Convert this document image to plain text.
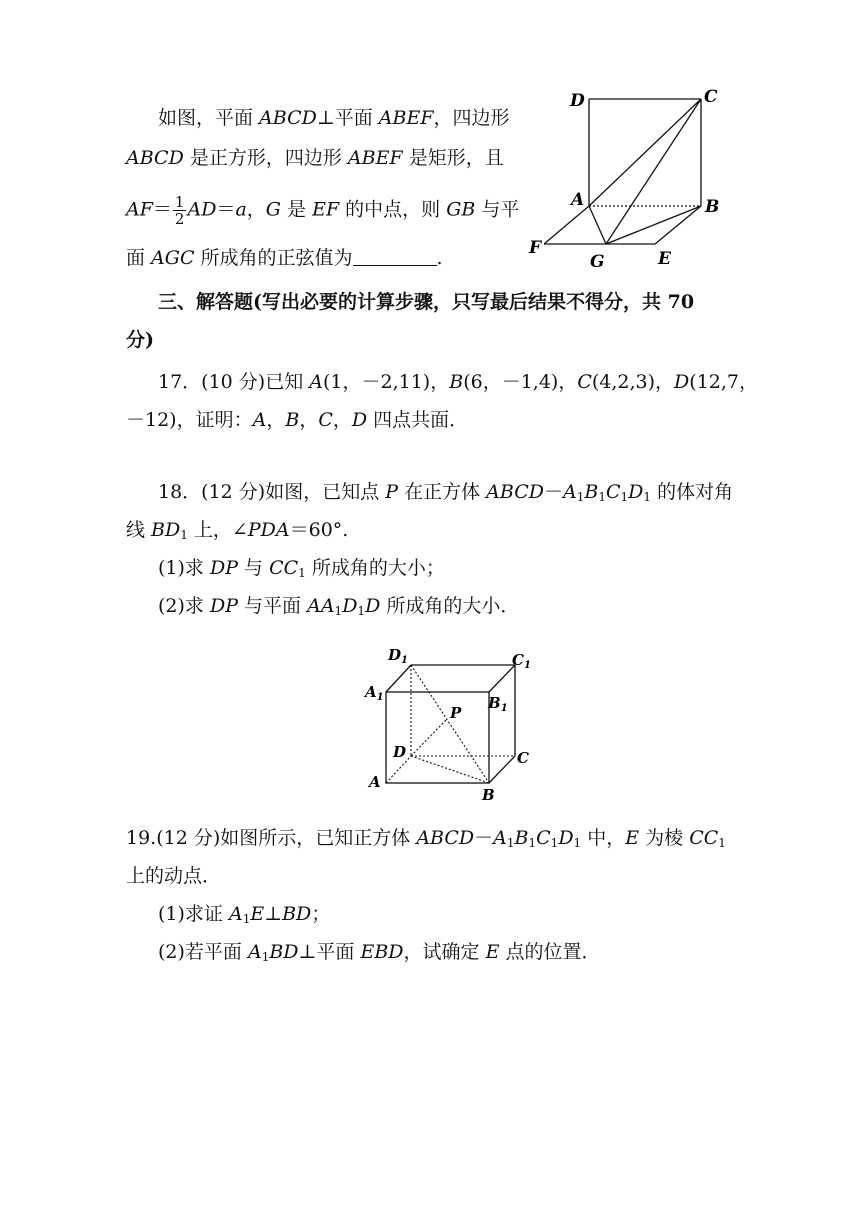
如图，平面 ABCD⊥平面 ABEF，四边形
ABCD 是正方形，四边形 ABEF 是矩形，且
$AF= \frac{1}{2} AD=a$，G 是 EF 的中点，则 GB 与平
面 AGC 所成角的正弦值为	.
D	C
A	B
F
G	E
三、解答题(写出必要的计算步骤，只写最后结果不得分，共 70
分)
17．(10 分)已知 A(1，－2,11)，B(6，－1,4)，C(4,2,3)，D(12,7，
－12)，证明：A，B，C，D 四点共面．
18．(12 分)如图，已知点 P 在正方体 $ABCD-A_1B_1C_1D_1$ 的体对角
线 $BD_1$ 上，∠PDA＝60°.
(1)求 DP 与 $CC_1$ 所成角的大小；
(2)求 DP 与平面 $AA_1D_1D$ 所成角的大小．
$D_1$	$C_1$
$A_1$	$B_1$
P
D	C
A
B
19.(12 分)如图所示，已知正方体 $ABCD-A_1B_1C_1D_1$ 中，E 为棱 $CC_1$
上的动点．
(1)求证 $A_1E\perp BD$；
(2)若平面 $A_1BD\perp$平面 EBD，试确定 E 点的位置．
